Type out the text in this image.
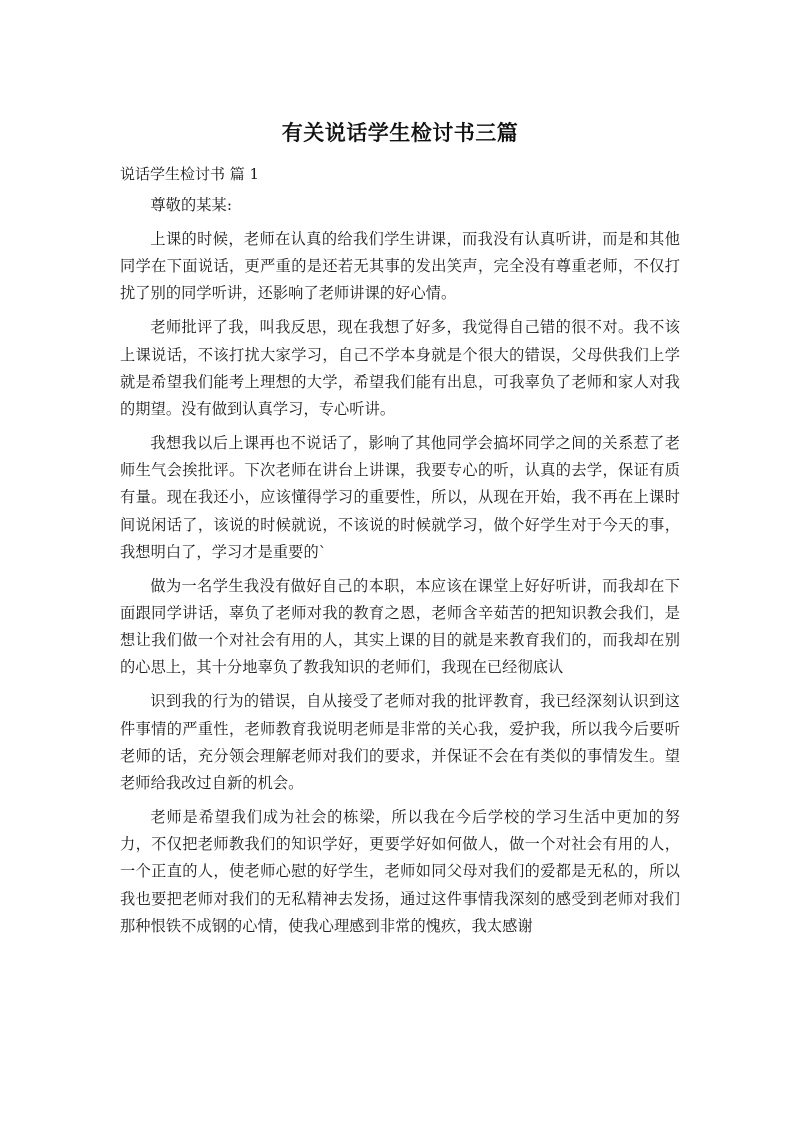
有关说话学生检讨书三篇
说话学生检讨书 篇 1

尊敬的某某:

上课的时候，老师在认真的给我们学生讲课，而我没有认真听讲，而是和其他同学在下面说话，更严重的是还若无其事的发出笑声，完全没有尊重老师，不仅打扰了别的同学听讲，还影响了老师讲课的好心情。

老师批评了我，叫我反思，现在我想了好多，我觉得自己错的很不对。我不该上课说话，不该打扰大家学习，自己不学本身就是个很大的错误，父母供我们上学就是希望我们能考上理想的大学，希望我们能有出息，可我辜负了老师和家人对我的期望。没有做到认真学习，专心听讲。

我想我以后上课再也不说话了，影响了其他同学会搞坏同学之间的关系惹了老师生气会挨批评。下次老师在讲台上讲课，我要专心的听，认真的去学，保证有质有量。现在我还小，应该懂得学习的重要性，所以，从现在开始，我不再在上课时间说闲话了，该说的时候就说，不该说的时候就学习，做个好学生对于今天的事，我想明白了，学习才是重要的`

做为一名学生我没有做好自己的本职，本应该在课堂上好好听讲，而我却在下面跟同学讲话，辜负了老师对我的教育之恩，老师含辛茹苦的把知识教会我们，是想让我们做一个对社会有用的人，其实上课的目的就是来教育我们的，而我却在别的心思上，其十分地辜负了教我知识的老师们，我现在已经彻底认

识到我的行为的错误，自从接受了老师对我的批评教育，我已经深刻认识到这件事情的严重性，老师教育我说明老师是非常的关心我，爱护我，所以我今后要听老师的话，充分领会理解老师对我们的要求，并保证不会在有类似的事情发生。望老师给我改过自新的机会。

老师是希望我们成为社会的栋梁，所以我在今后学校的学习生活中更加的努力，不仅把老师教我们的知识学好，更要学好如何做人，做一个对社会有用的人，一个正直的人，使老师心慰的好学生，老师如同父母对我们的爱都是无私的，所以我也要把老师对我们的无私精神去发扬，通过这件事情我深刻的感受到老师对我们那种恨铁不成钢的心情，使我心理感到非常的愧疚，我太感谢
